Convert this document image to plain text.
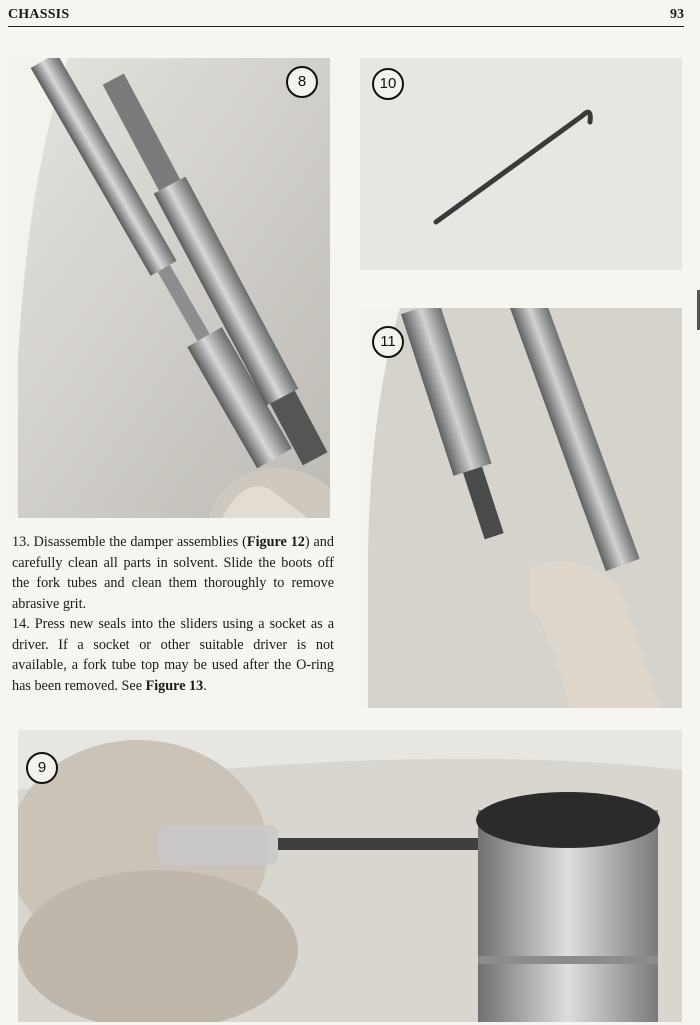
CHASSIS	93
8	10
11

13. Disassemble the damper assemblies (Figure 12) and carefully clean all parts in solvent. Slide the boots off the fork tubes and clean them thoroughly to remove abrasive grit.

14. Press new seals into the sliders using a socket as a driver. If a socket or other suitable driver is not available, a fork tube top may be used after the O-ring has been removed. See Figure 13.

9
